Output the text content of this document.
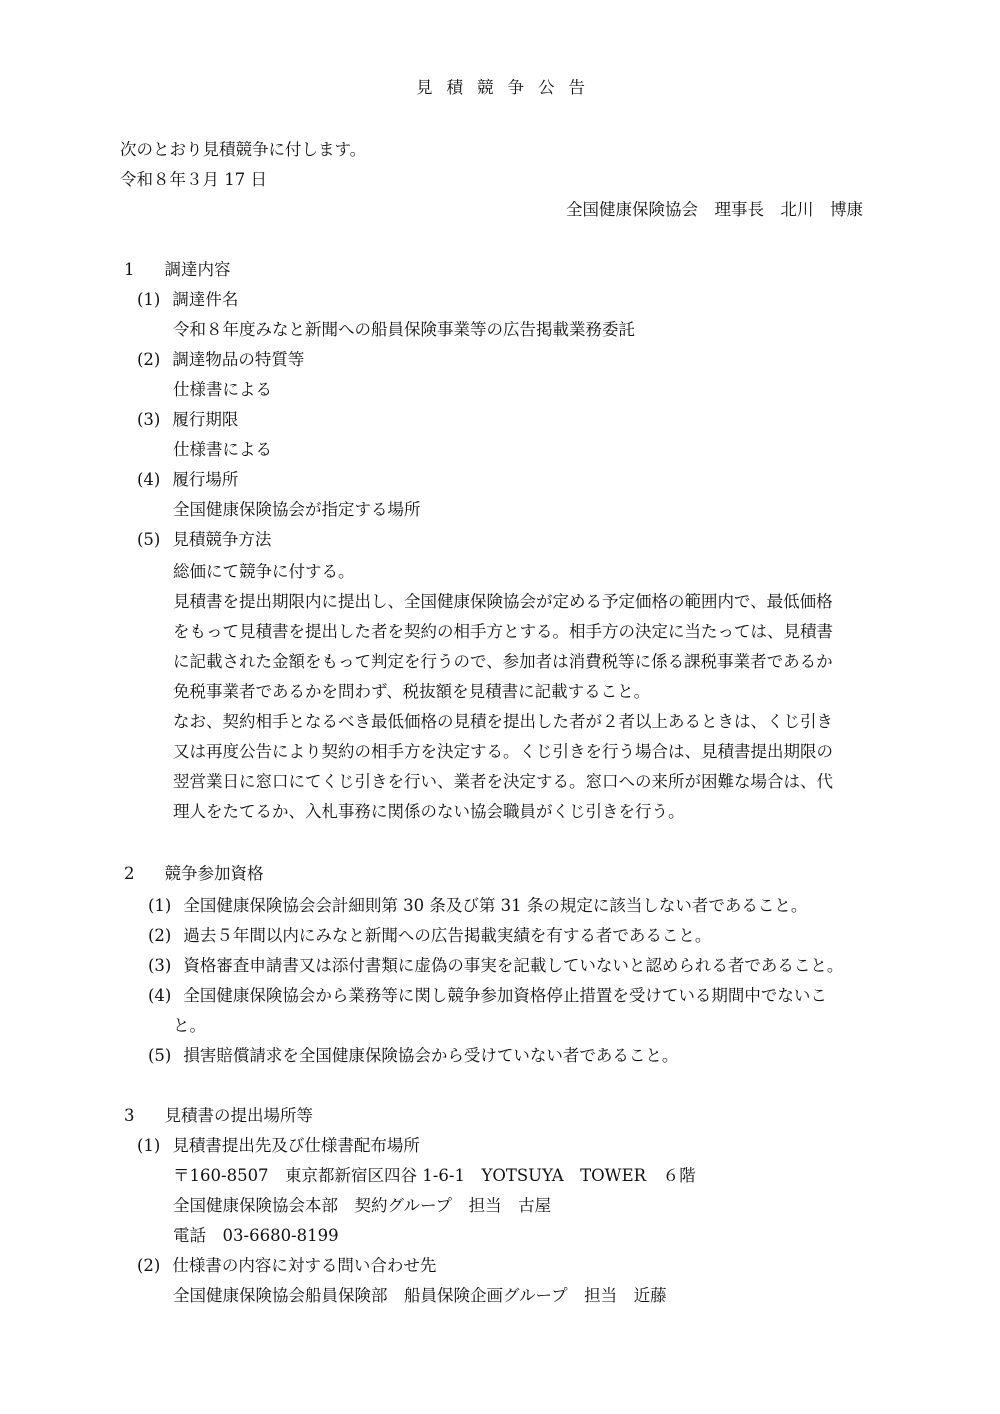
見積競争公告
次のとおり見積競争に付します。
令和８年３月 17 日
全国健康保険協会　理事長　北川　博康
1 調達内容
(1) 調達件名
令和８年度みなと新聞への船員保険事業等の広告掲載業務委託
(2) 調達物品の特質等
仕様書による
(3) 履行期限
仕様書による
(4) 履行場所
全国健康保険協会が指定する場所
(5) 見積競争方法
総価にて競争に付する。
見積書を提出期限内に提出し、全国健康保険協会が定める予定価格の範囲内で、最低価格
をもって見積書を提出した者を契約の相手方とする。相手方の決定に当たっては、見積書
に記載された金額をもって判定を行うので、参加者は消費税等に係る課税事業者であるか
免税事業者であるかを問わず、税抜額を見積書に記載すること。
なお、契約相手となるべき最低価格の見積を提出した者が２者以上あるときは、くじ引き
又は再度公告により契約の相手方を決定する。くじ引きを行う場合は、見積書提出期限の
翌営業日に窓口にてくじ引きを行い、業者を決定する。窓口への来所が困難な場合は、代
理人をたてるか、入札事務に関係のない協会職員がくじ引きを行う。
2 競争参加資格
(1) 全国健康保険協会会計細則第 30 条及び第 31 条の規定に該当しない者であること。
(2) 過去５年間以内にみなと新聞への広告掲載実績を有する者であること。
(3) 資格審査申請書又は添付書類に虚偽の事実を記載していないと認められる者であること。
(4) 全国健康保険協会から業務等に関し競争参加資格停止措置を受けている期間中でないこ
と。
(5) 損害賠償請求を全国健康保険協会から受けていない者であること。
3 見積書の提出場所等
(1) 見積書提出先及び仕様書配布場所
〒160-8507　東京都新宿区四谷 1-6-1　YOTSUYA　TOWER　６階
全国健康保険協会本部　契約グループ　担当　古屋
電話　03-6680-8199
(2) 仕様書の内容に対する問い合わせ先
全国健康保険協会船員保険部　船員保険企画グループ　担当　近藤
